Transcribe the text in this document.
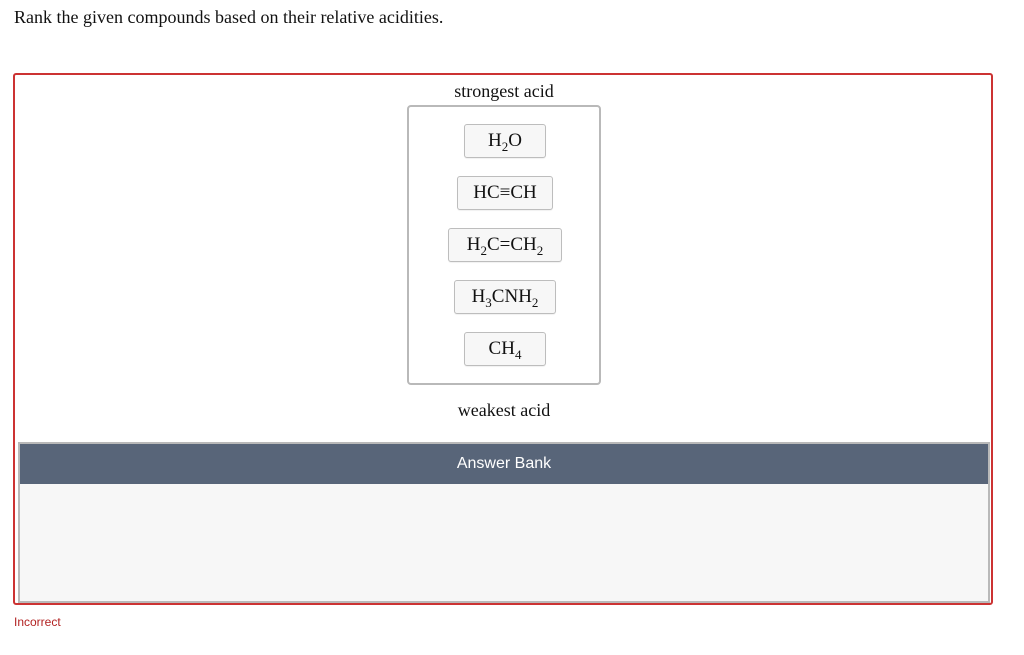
Rank the given compounds based on their relative acidities.
strongest acid
$H_2O$
HC≡CH
$H_2C=CH_2$
$H_3CNH_2$
$CH_4$
weakest acid
Answer Bank
Incorrect
